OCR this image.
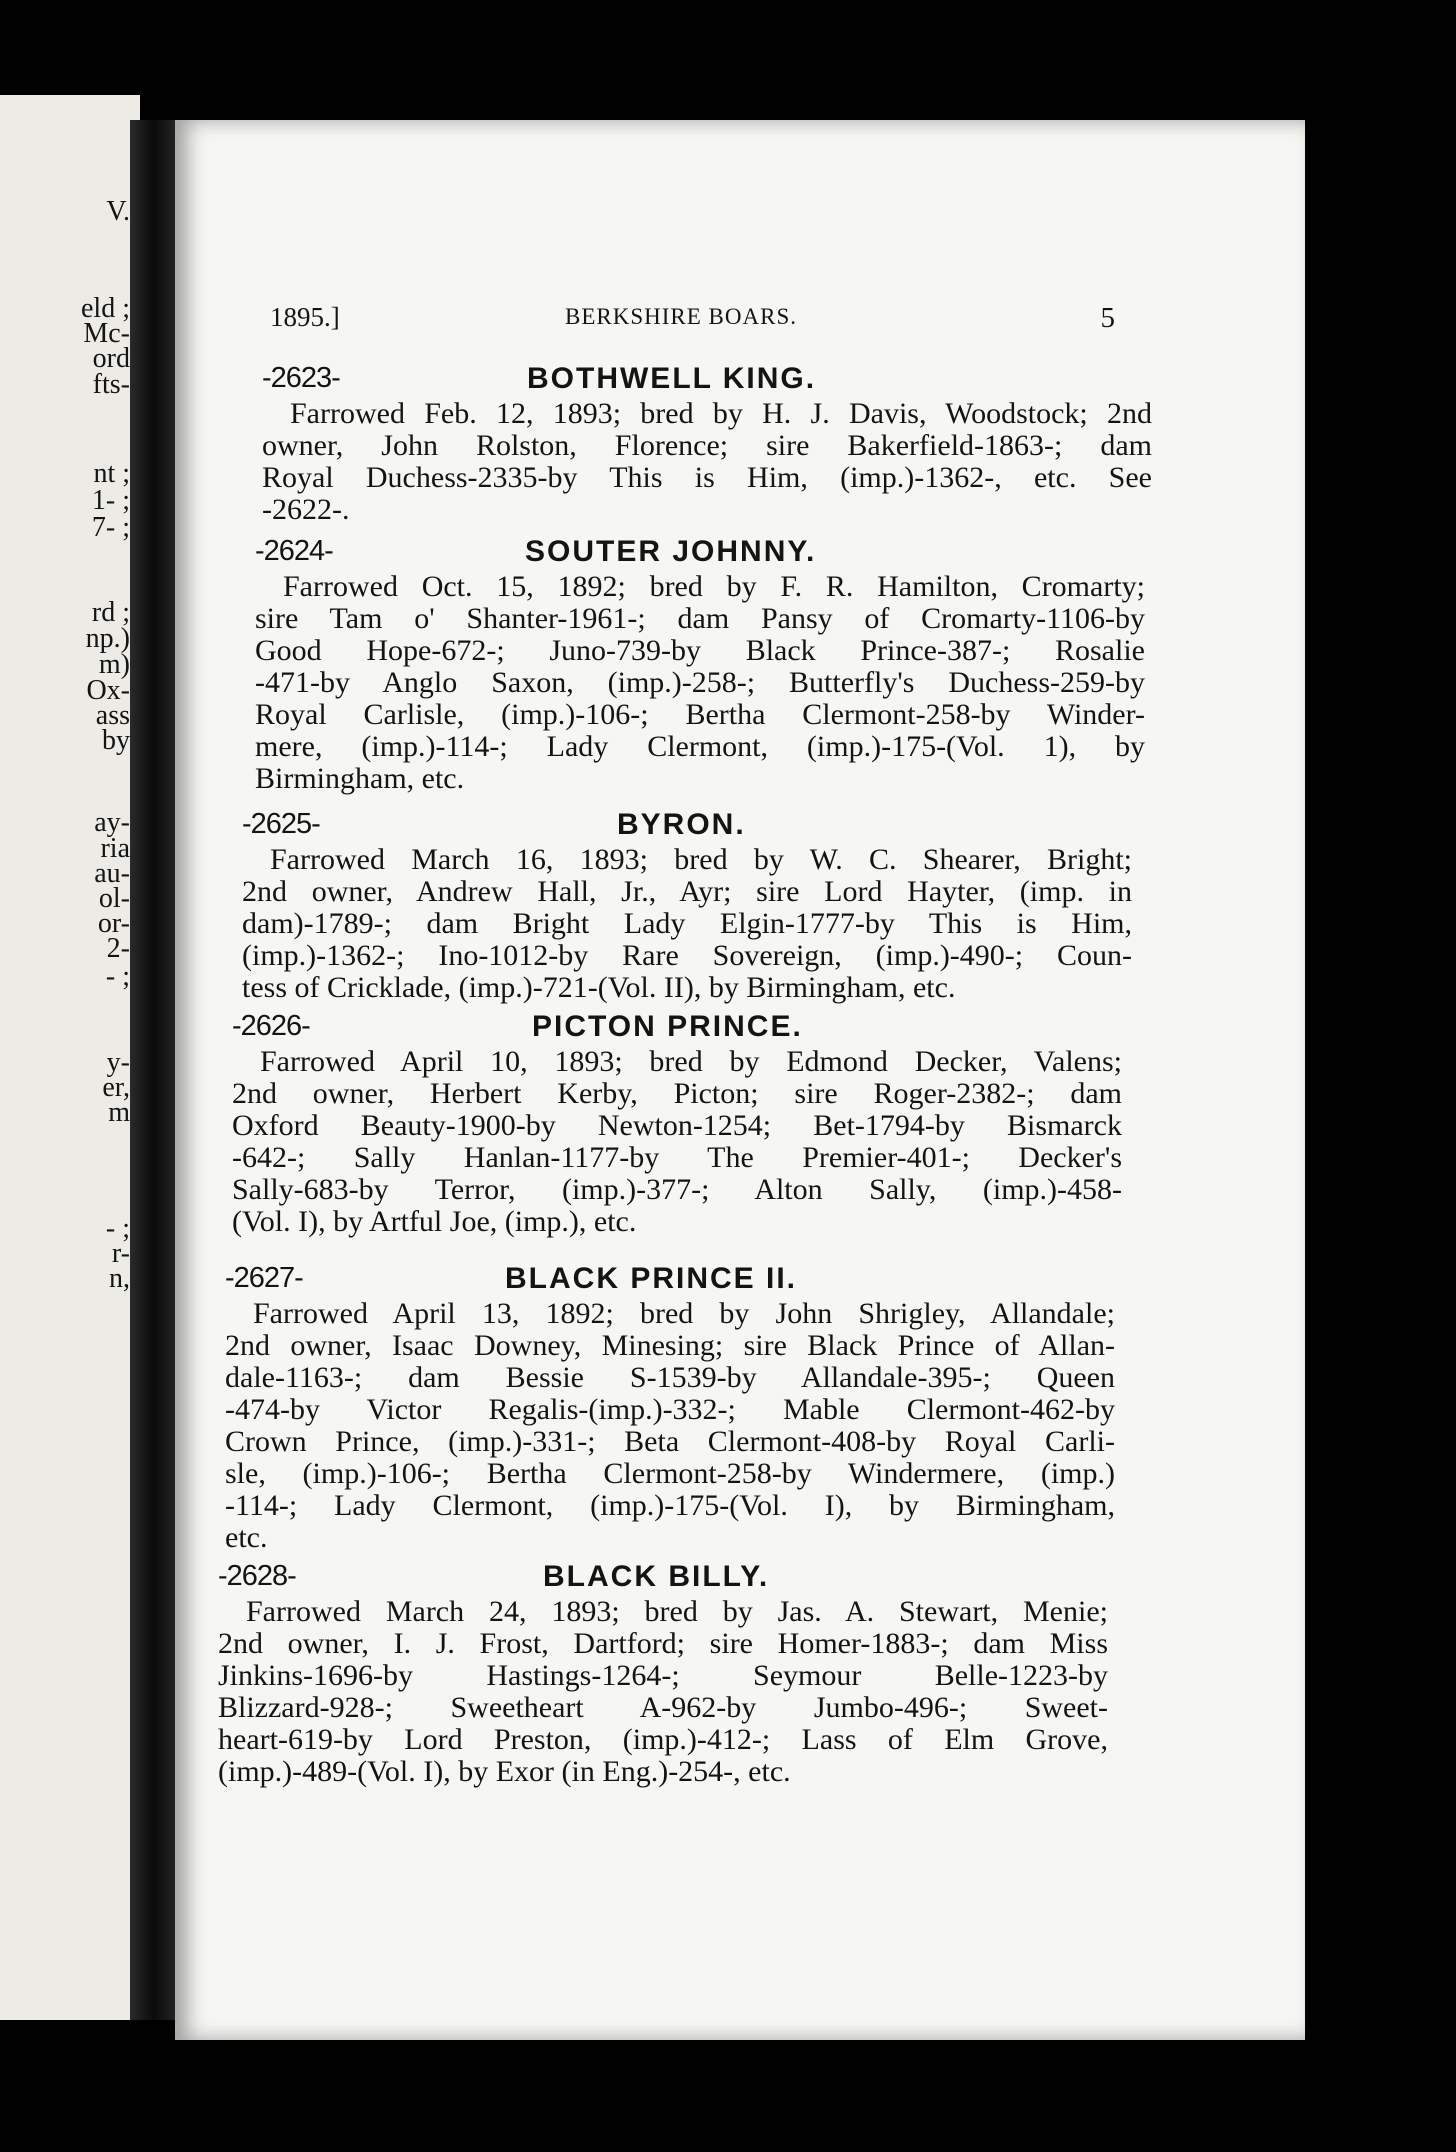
V.
eld ;
Mc-
ord
fts-
nt ;
1- ;
7- ;
rd ;
np.)
m)
Ox-
ass
by
ay-
ria
au-
ol-
or-
2-
- ;
y-
er,
m
- ;
r-
n,
1895.]	BERKSHIRE BOARS.	5
-2623-	BOTHWELL KING.
Farrowed Feb. 12, 1893; bred by H. J. Davis, Woodstock; 2nd
owner, John Rolston, Florence; sire Bakerfield-1863-; dam
Royal Duchess-2335-by This is Him, (imp.)-1362-, etc. See
-2622-.
-2624-	SOUTER JOHNNY.
Farrowed Oct. 15, 1892; bred by F. R. Hamilton, Cromarty;
sire Tam o' Shanter-1961-; dam Pansy of Cromarty-1106-by
Good Hope-672-; Juno-739-by Black Prince-387-; Rosalie
-471-by Anglo Saxon, (imp.)-258-; Butterfly's Duchess-259-by
Royal Carlisle, (imp.)-106-; Bertha Clermont-258-by Winder-
mere, (imp.)-114-; Lady Clermont, (imp.)-175-(Vol. 1), by
Birmingham, etc.
-2625-	BYRON.
Farrowed March 16, 1893; bred by W. C. Shearer, Bright;
2nd owner, Andrew Hall, Jr., Ayr; sire Lord Hayter, (imp. in
dam)-1789-; dam Bright Lady Elgin-1777-by This is Him,
(imp.)-1362-; Ino-1012-by Rare Sovereign, (imp.)-490-; Coun-
tess of Cricklade, (imp.)-721-(Vol. II), by Birmingham, etc.
-2626-	PICTON PRINCE.
Farrowed April 10, 1893; bred by Edmond Decker, Valens;
2nd owner, Herbert Kerby, Picton; sire Roger-2382-; dam
Oxford Beauty-1900-by Newton-1254; Bet-1794-by Bismarck
-642-; Sally Hanlan-1177-by The Premier-401-; Decker's
Sally-683-by Terror, (imp.)-377-; Alton Sally, (imp.)-458-
(Vol. I), by Artful Joe, (imp.), etc.
-2627-	BLACK PRINCE II.
Farrowed April 13, 1892; bred by John Shrigley, Allandale;
2nd owner, Isaac Downey, Minesing; sire Black Prince of Allan-
dale-1163-; dam Bessie S-1539-by Allandale-395-; Queen
-474-by Victor Regalis-(imp.)-332-; Mable Clermont-462-by
Crown Prince, (imp.)-331-; Beta Clermont-408-by Royal Carli-
sle, (imp.)-106-; Bertha Clermont-258-by Windermere, (imp.)
-114-; Lady Clermont, (imp.)-175-(Vol. I), by Birmingham,
etc.
-2628-	BLACK BILLY.
Farrowed March 24, 1893; bred by Jas. A. Stewart, Menie;
2nd owner, I. J. Frost, Dartford; sire Homer-1883-; dam Miss
Jinkins-1696-by Hastings-1264-; Seymour Belle-1223-by
Blizzard-928-; Sweetheart A-962-by Jumbo-496-; Sweet-
heart-619-by Lord Preston, (imp.)-412-; Lass of Elm Grove,
(imp.)-489-(Vol. I), by Exor (in Eng.)-254-, etc.
